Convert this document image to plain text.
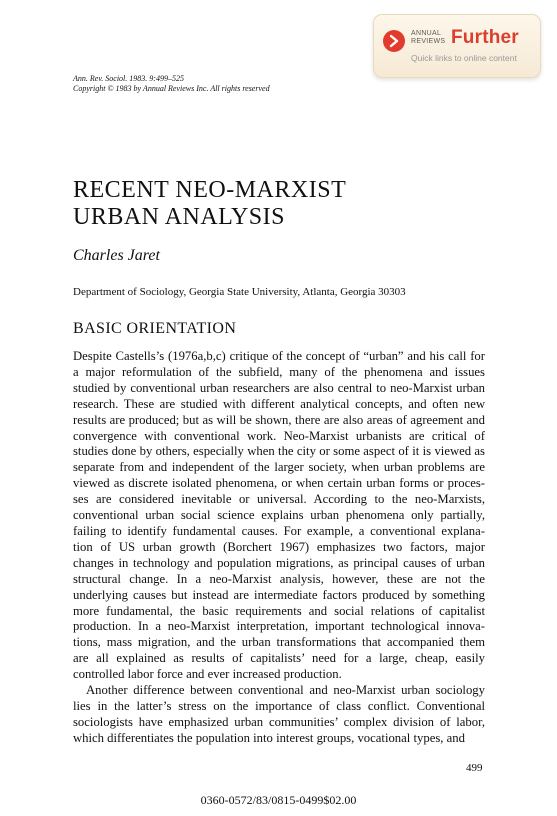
ANNUAL
REVIEWS Further
Quick links to online content
Ann. Rev. Sociol. 1983. 9:499–525
Copyright © 1983 by Annual Reviews Inc. All rights reserved
RECENT NEO-MARXIST
URBAN ANALYSIS
Charles Jaret
Department of Sociology, Georgia State University, Atlanta, Georgia 30303
BASIC ORIENTATION

Despite Castells’s (1976a,b,c) critique of the concept of “urban” and his call for
a major reformulation of the subfield, many of the phenomena and issues
studied by conventional urban researchers are also central to neo-Marxist urban
research. These are studied with different analytical concepts, and often new
results are produced; but as will be shown, there are also areas of agreement and
convergence with conventional work. Neo-Marxist urbanists are critical of
studies done by others, especially when the city or some aspect of it is viewed as
separate from and independent of the larger society, when urban problems are
viewed as discrete isolated phenomena, or when certain urban forms or proces-
ses are considered inevitable or universal. According to the neo-Marxists,
conventional urban social science explains urban phenomena only partially,
failing to identify fundamental causes. For example, a conventional explana-
tion of US urban growth (Borchert 1967) emphasizes two factors, major
changes in technology and population migrations, as principal causes of urban
structural change. In a neo-Marxist analysis, however, these are not the
underlying causes but instead are intermediate factors produced by something
more fundamental, the basic requirements and social relations of capitalist
production. In a neo-Marxist interpretation, important technological innova-
tions, mass migration, and the urban transformations that accompanied them
are all explained as results of capitalists’ need for a large, cheap, easily
controlled labor force and ever increased production.

Another difference between conventional and neo-Marxist urban sociology
lies in the latter’s stress on the importance of class conflict. Conventional
sociologists have emphasized urban communities’ complex division of labor,
which differentiates the population into interest groups, vocational types, and

499
0360-0572/83/0815-0499$02.00
